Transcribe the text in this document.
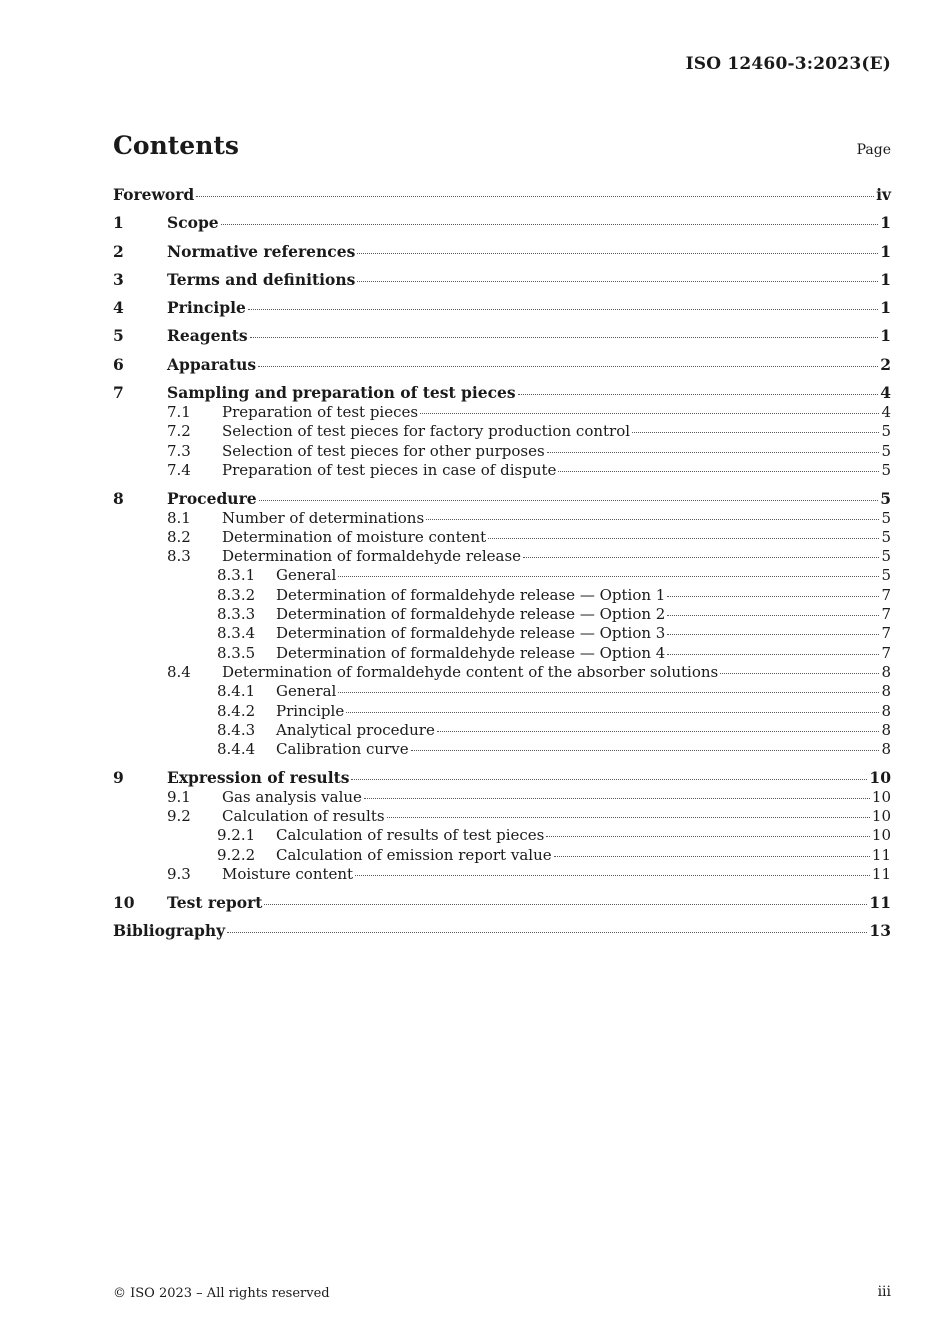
ISO 12460-3:2023(E)
Contents	Page
Foreword	iv
1	Scope	1
2	Normative references	1
3	Terms and definitions	1
4	Principle	1
5	Reagents	1
6	Apparatus	2
7	Sampling and preparation of test pieces	4
7.1	Preparation of test pieces	4
7.2	Selection of test pieces for factory production control	5
7.3	Selection of test pieces for other purposes	5
7.4	Preparation of test pieces in case of dispute	5
8	Procedure	5
8.1	Number of determinations	5
8.2	Determination of moisture content	5
8.3	Determination of formaldehyde release	5
8.3.1	General	5
8.3.2	Determination of formaldehyde release — Option 1	7
8.3.3	Determination of formaldehyde release — Option 2	7
8.3.4	Determination of formaldehyde release — Option 3	7
8.3.5	Determination of formaldehyde release — Option 4	7
8.4	Determination of formaldehyde content of the absorber solutions	8
8.4.1	General	8
8.4.2	Principle	8
8.4.3	Analytical procedure	8
8.4.4	Calibration curve	8
9	Expression of results	10
9.1	Gas analysis value	10
9.2	Calculation of results	10
9.2.1	Calculation of results of test pieces	10
9.2.2	Calculation of emission report value	11
9.3	Moisture content	11
10	Test report	11
Bibliography	13
© ISO 2023 – All rights reserved	iii
